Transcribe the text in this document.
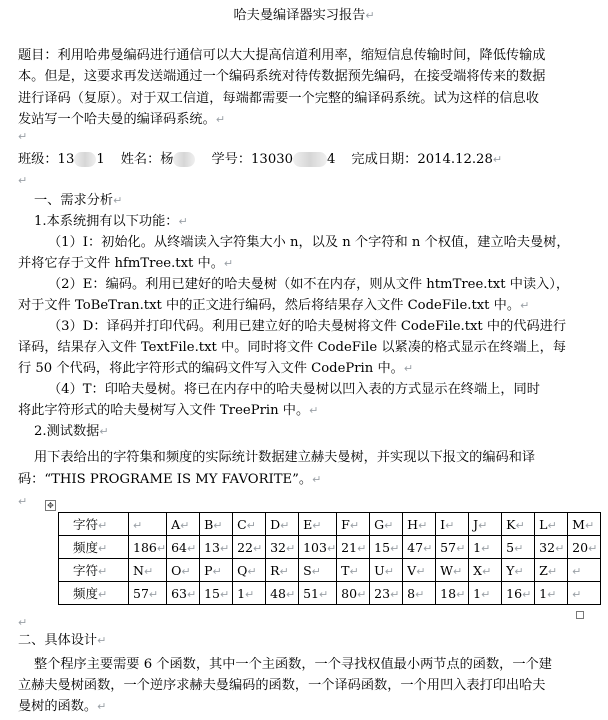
哈夫曼编译器实习报告↵
题目：利用哈弗曼编码进行通信可以大大提高信道利用率，缩短信息传输时间，降低传输成
本。但是，这要求再发送端通过一个编码系统对待传数据预先编码，在接受端将传来的数据
进行译码（复原）。对于双工信道，每端都需要一个完整的编译码系统。试为这样的信息收
发站写一个哈夫曼的编译码系统。↵
↵
班级：13 1 姓名：杨	学号：13030	4 完成日期：2014.12.28↵
↵
一、需求分析↵
1.本系统拥有以下功能：↵
（1）I：初始化。从终端读入字符集大小 n，以及 n 个字符和 n 个权值，建立哈夫曼树，
并将它存于文件 hfmTree.txt 中。↵
（2）E：编码。利用已建好的哈夫曼树（如不在内存，则从文件 htmTree.txt 中读入），
对于文件 ToBeTran.txt 中的正文进行编码，然后将结果存入文件 CodeFile.txt 中。↵
（3）D：译码并打印代码。利用已建立好的哈夫曼树将文件 CodeFile.txt 中的代码进行
译码，结果存入文件 TextFile.txt 中。同时将文件 CodeFile 以紧凑的格式显示在终端上，每
行 50 个代码，将此字符形式的编码文件写入文件 CodePrin 中。↵
（4）T：印哈夫曼树。将已在内存中的哈夫曼树以凹入表的方式显示在终端上，同时
将此字符形式的哈夫曼树写入文件 TreePrin 中。↵
2.测试数据↵
用下表给出的字符集和频度的实际统计数据建立赫夫曼树，并实现以下报文的编码和译
码：“THIS PROGRAME IS MY FAVORITE”。↵
↵ ✥
字符↵	↵	A↵	B↵	C↵	D↵	E↵	F↵	G↵	H↵	I↵	J↵	K↵	L↵	M↵
频度↵	186↵	64↵	13↵	22↵	32↵	103↵	21↵	15↵	47↵	57↵	1↵	5↵	32↵	20↵
字符↵	N↵	O↵	P↵	Q↵	R↵	S↵	T↵	U↵	V↵	W↵	X↵	Y↵	Z↵	↵
频度↵	57↵	63↵	15↵	1↵	48↵	51↵	80↵	23↵	8↵	18↵	1↵	16↵	1↵	↵
↵
二、具体设计↵
整个程序主要需要 6 个函数，其中一个主函数，一个寻找权值最小两节点的函数，一个建
立赫夫曼树函数，一个逆序求赫夫曼编码的函数，一个译码函数，一个用凹入表打印出哈夫
曼树的函数。↵
